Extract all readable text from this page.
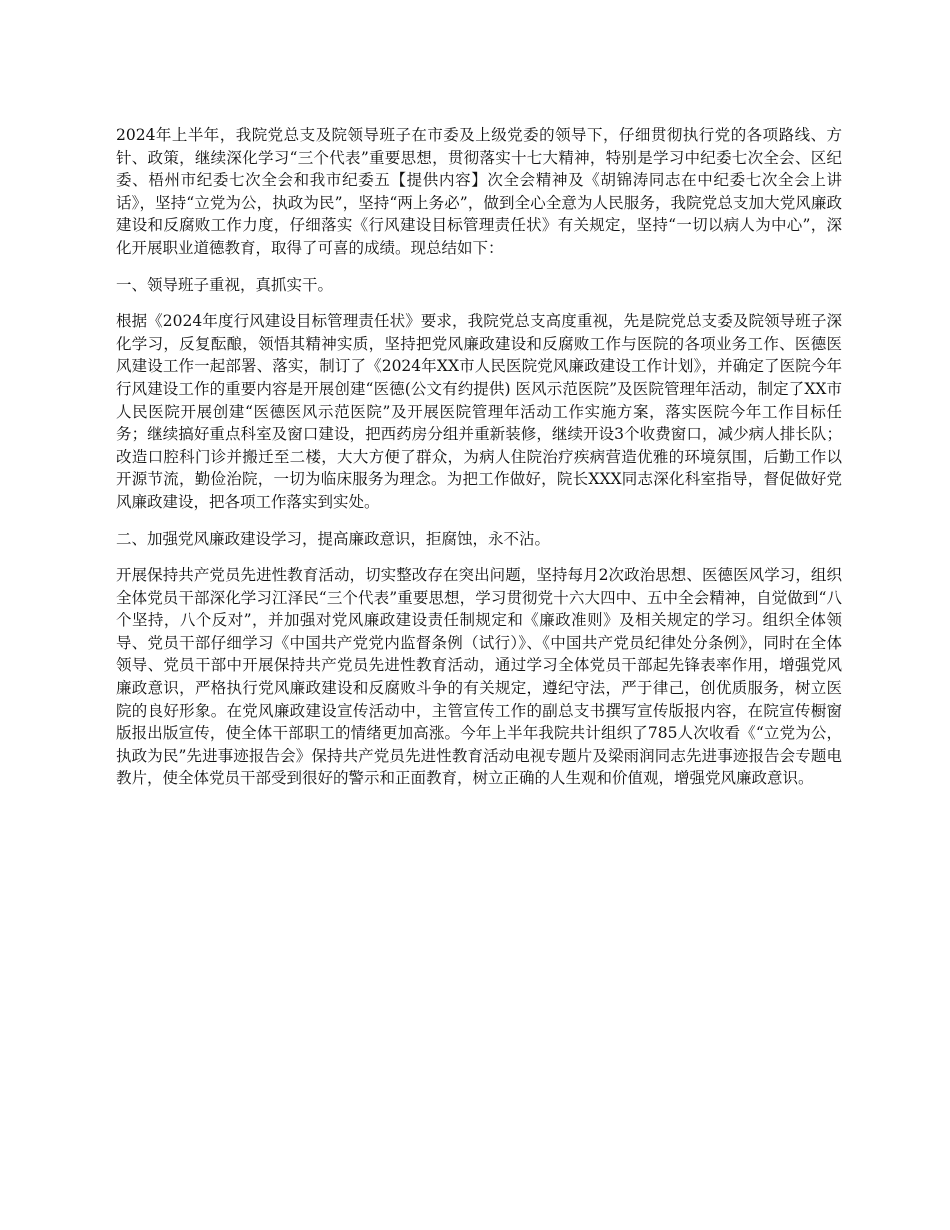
2024年上半年，我院党总支及院领导班子在市委及上级党委的领导下，仔细贯彻执行党的各项路线、方针、政策，继续深化学习“三个代表”重要思想，贯彻落实十七大精神，特别是学习中纪委七次全会、区纪委、梧州市纪委七次全会和我市纪委五【提供内容】次全会精神及《胡锦涛同志在中纪委七次全会上讲话》，坚持“立党为公，执政为民”，坚持“两上务必”，做到全心全意为人民服务，我院党总支加大党风廉政建设和反腐败工作力度，仔细落实《行风建设目标管理责任状》有关规定，坚持“一切以病人为中心”，深化开展职业道德教育，取得了可喜的成绩。现总结如下：

一、领导班子重视，真抓实干。

根据《2024年度行风建设目标管理责任状》要求，我院党总支高度重视，先是院党总支委及院领导班子深化学习，反复酝酿，领悟其精神实质，坚持把党风廉政建设和反腐败工作与医院的各项业务工作、医德医风建设工作一起部署、落实，制订了《2024年XX市人民医院党风廉政建设工作计划》，并确定了医院今年行风建设工作的重要内容是开展创建“医德(公文有约提供) 医风示范医院”及医院管理年活动，制定了XX市人民医院开展创建“医德医风示范医院”及开展医院管理年活动工作实施方案，落实医院今年工作目标任务；继续搞好重点科室及窗口建设，把西药房分组并重新装修，继续开设3个收费窗口，减少病人排长队；改造口腔科门诊并搬迁至二楼，大大方便了群众，为病人住院治疗疾病营造优雅的环境氛围，后勤工作以开源节流，勤俭治院，一切为临床服务为理念。为把工作做好，院长XXX同志深化科室指导，督促做好党风廉政建设，把各项工作落实到实处。

二、加强党风廉政建设学习，提高廉政意识，拒腐蚀，永不沾。

开展保持共产党员先进性教育活动，切实整改存在突出问题，坚持每月2次政治思想、医德医风学习，组织全体党员干部深化学习江泽民“三个代表”重要思想，学习贯彻党十六大四中、五中全会精神，自觉做到“八个坚持，八个反对”，并加强对党风廉政建设责任制规定和《廉政准则》及相关规定的学习。组织全体领导、党员干部仔细学习《中国共产党党内监督条例（试行）》、《中国共产党员纪律处分条例》，同时在全体领导、党员干部中开展保持共产党员先进性教育活动，通过学习全体党员干部起先锋表率作用，增强党风廉政意识，严格执行党风廉政建设和反腐败斗争的有关规定，遵纪守法，严于律己，创优质服务，树立医院的良好形象。在党风廉政建设宣传活动中，主管宣传工作的副总支书撰写宣传版报内容，在院宣传橱窗版报出版宣传，使全体干部职工的情绪更加高涨。今年上半年我院共计组织了785人次收看《“立党为公，执政为民”先进事迹报告会》保持共产党员先进性教育活动电视专题片及梁雨润同志先进事迹报告会专题电教片，使全体党员干部受到很好的警示和正面教育，树立正确的人生观和价值观，增强党风廉政意识。
